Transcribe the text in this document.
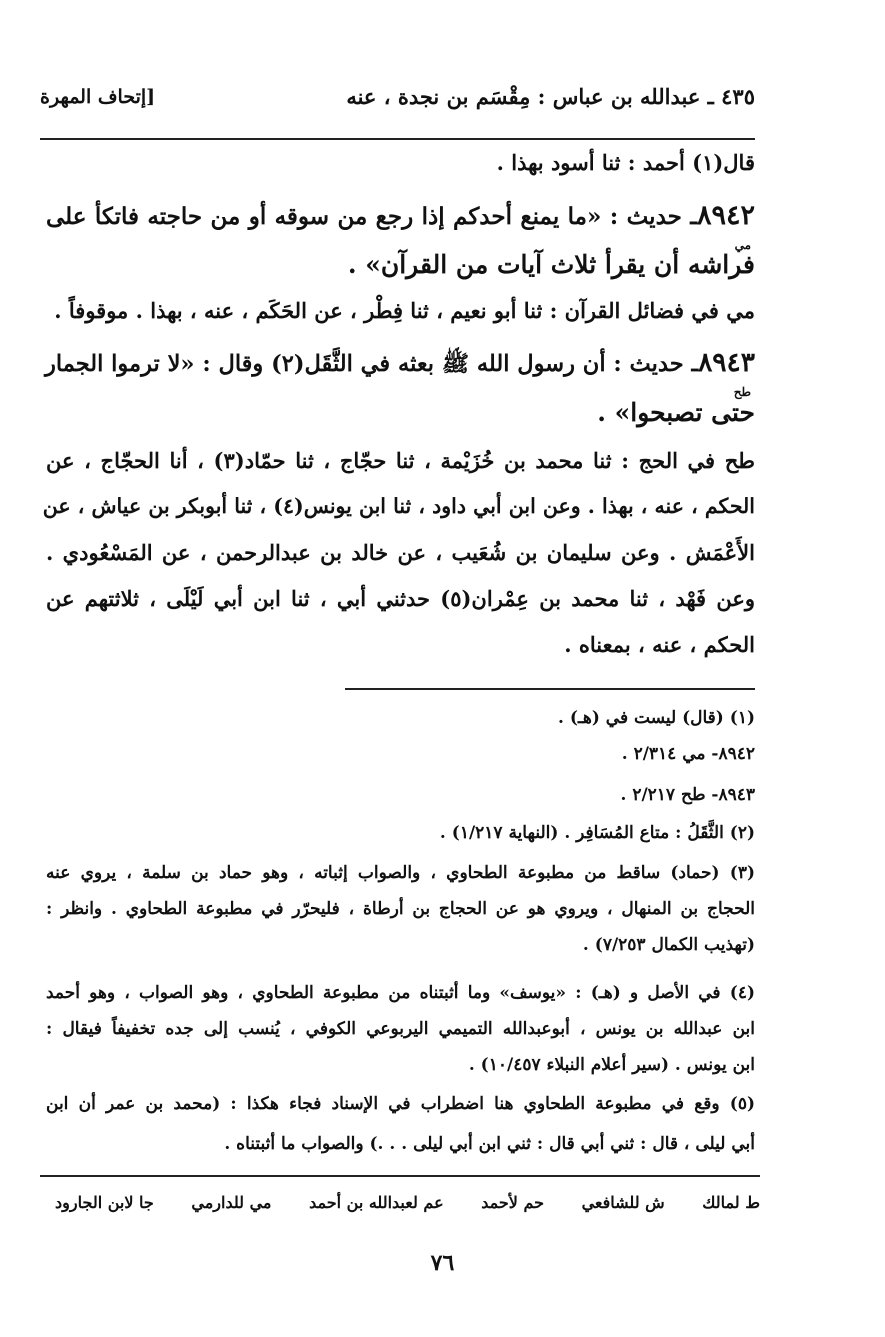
٤٣٥ ـ عبدالله بن عباس : مِقْسَم بن نجدة ، عنه
[إتحاف المهرة
قال(١) أحمد : ثنا أسود بهذا .
٨٩٤٢ـ حديث : «ما يمنع أحدكم إذا رجع من سوقه أو من حاجته فاتكأ على
مي
فراشه أن يقرأ ثلاث آيات من القرآن» .
مي في فضائل القرآن : ثنا أبو نعيم ، ثنا فِطْر ، عن الحَكَم ، عنه ، بهذا . موقوفاً .
٨٩٤٣ـ حديث : أن رسول الله ﷺ بعثه في الثَّقَل(٢) وقال : «لا ترموا الجمار
طح
حتى تصبحوا» .
طح في الحج : ثنا محمد بن خُزَيْمة ، ثنا حجّاج ، ثنا حمّاد(٣) ، أنا الحجّاج ، عن
الحكم ، عنه ، بهذا . وعن ابن أبي داود ، ثنا ابن يونس(٤) ، ثنا أبوبكر بن عياش ، عن
الأَعْمَش . وعن سليمان بن شُعَيب ، عن خالد بن عبدالرحمن ، عن المَسْعُودي .
وعن فَهْد ، ثنا محمد بن عِمْران(٥) حدثني أبي ، ثنا ابن أبي لَيْلَى ، ثلاثتهم عن
الحكم ، عنه ، بمعناه .
(١) (قال) ليست في (هـ) .
٨٩٤٢- مي ٢/٣١٤ .
٨٩٤٣- طح ٢/٢١٧ .
(٢) الثَّقَلُ : متاع المُسَافِر . (النهاية ١/٢١٧) .
(٣) (حماد) ساقط من مطبوعة الطحاوي ، والصواب إثباته ، وهو حماد بن سلمة ، يروي عنه
الحجاج بن المنهال ، ويروي هو عن الحجاج بن أرطاة ، فليحرّر في مطبوعة الطحاوي . وانظر :
(تهذيب الكمال ٧/٢٥٣) .
(٤) في الأصل و (هـ) : «يوسف» وما أثبتناه من مطبوعة الطحاوي ، وهو الصواب ، وهو أحمد
ابن عبدالله بن يونس ، أبوعبدالله التميمي اليربوعي الكوفي ، يُنسب إلى جده تخفيفاً فيقال :
ابن يونس . (سير أعلام النبلاء ١٠/٤٥٧) .
(٥) وقع في مطبوعة الطحاوي هنا اضطراب في الإسناد فجاء هكذا : (محمد بن عمر أن ابن
أبي ليلى ، قال : ثني أبي قال : ثني ابن أبي ليلى . . .) والصواب ما أثبتناه .
ط لمالك
ش للشافعي
حم لأحمد
عم لعبدالله بن أحمد
مي للدارمي
جا لابن الجارود
٧٦
